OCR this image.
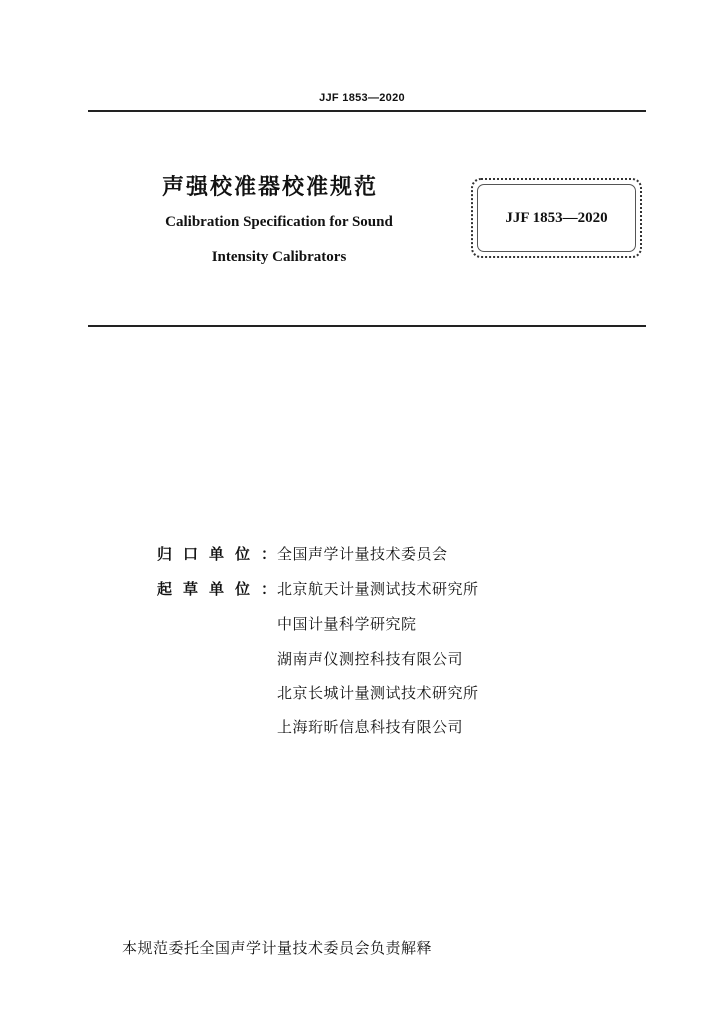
JJF 1853—2020
声强校准器校准规范
Calibration Specification for Sound
Intensity Calibrators
JJF 1853—2020
归口单位：
全国声学计量技术委员会
起草单位：
北京航天计量测试技术研究所
中国计量科学研究院
湖南声仪测控科技有限公司
北京长城计量测试技术研究所
上海珩昕信息科技有限公司
本规范委托全国声学计量技术委员会负责解释
